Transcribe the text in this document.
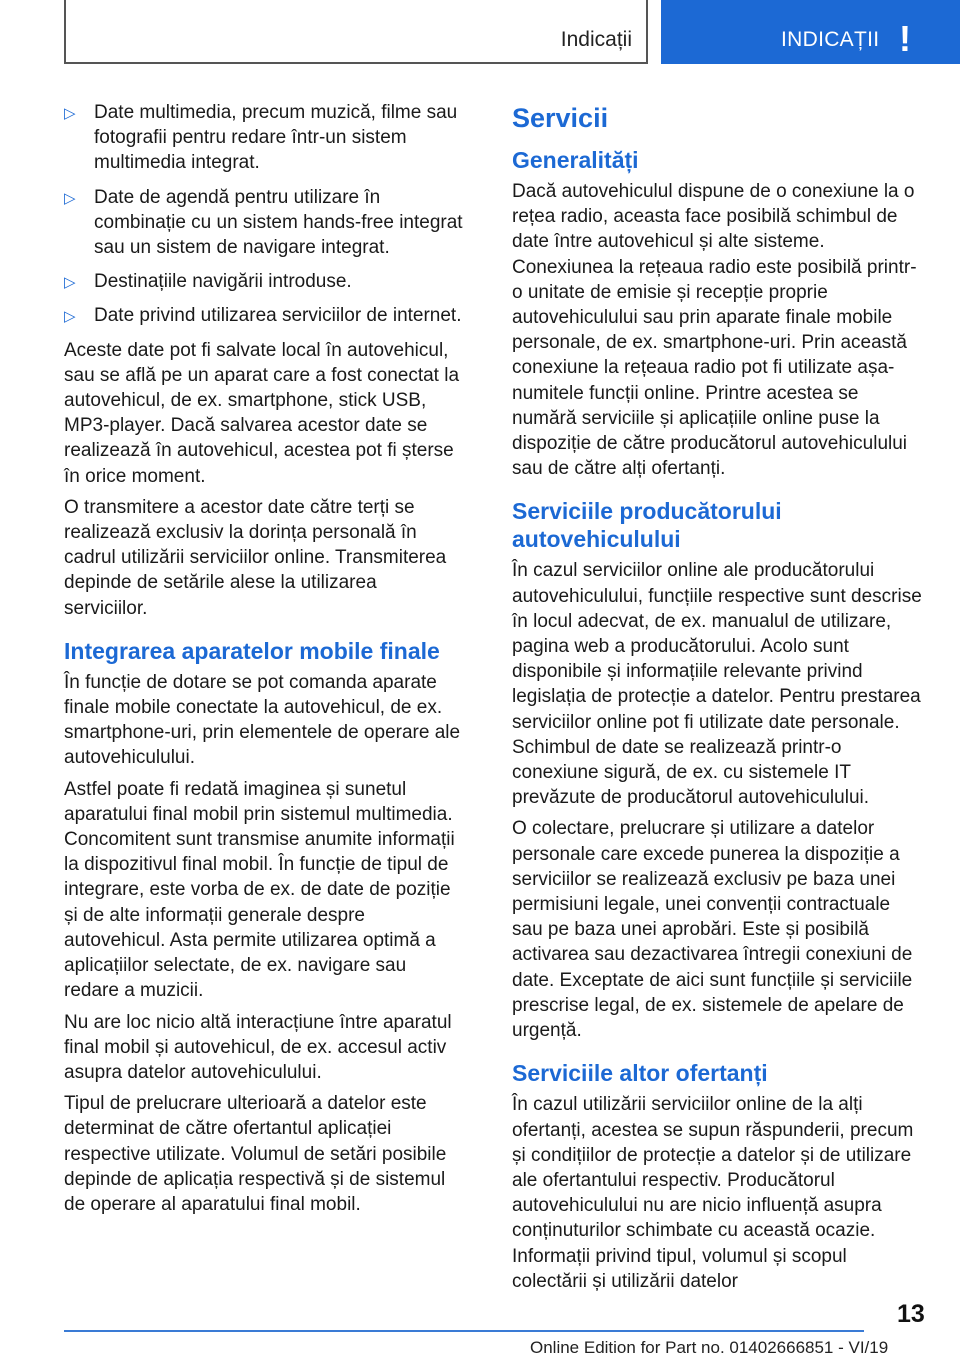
Indicații	INDICAȚII !
▷ Date multimedia, precum muzică, filme sau fotografii pentru redare într-un sistem multimedia integrat.
▷ Date de agendă pentru utilizare în combinație cu un sistem hands-free integrat sau un sistem de navigare integrat.
▷ Destinațiile navigării introduse.
▷ Date privind utilizarea serviciilor de internet.

Aceste date pot fi salvate local în autovehicul, sau se află pe un aparat care a fost conectat la autovehicul, de ex. smartphone, stick USB, MP3-player. Dacă salvarea acestor date se realizează în autovehicul, acestea pot fi șterse în orice moment.

O transmitere a acestor date către terți se realizează exclusiv la dorința personală în cadrul utilizării serviciilor online. Transmiterea depinde de setările alese la utilizarea serviciilor.

Integrarea aparatelor mobile finale

În funcție de dotare se pot comanda aparate finale mobile conectate la autovehicul, de ex. smartphone-uri, prin elementele de operare ale autovehiculului.

Astfel poate fi redată imaginea și sunetul aparatului final mobil prin sistemul multimedia. Concomitent sunt transmise anumite informații la dispozitivul final mobil. În funcție de tipul de integrare, este vorba de ex. de date de poziție și de alte informații generale despre autovehicul. Asta permite utilizarea optimă a aplicațiilor selectate, de ex. navigare sau redare a muzicii.

Nu are loc nicio altă interacțiune între aparatul final mobil și autovehicul, de ex. accesul activ asupra datelor autovehiculului.

Tipul de prelucrare ulterioară a datelor este determinat de către ofertantul aplicației respective utilizate. Volumul de setări posibile depinde de aplicația respectivă și de sistemul de operare al aparatului final mobil.

Servicii
Generalități

Dacă autovehiculul dispune de o conexiune la o rețea radio, aceasta face posibilă schimbul de date între autovehicul și alte sisteme. Conexiunea la rețeaua radio este posibilă printr-o unitate de emisie și recepție proprie autovehiculului sau prin aparate finale mobile personale, de ex. smartphone-uri. Prin această conexiune la rețeaua radio pot fi utilizate așa-numitele funcții online. Printre acestea se numără serviciile și aplicațiile online puse la dispoziție de către producătorul autovehiculului sau de către alți ofertanți.

Serviciile producătorului autovehiculului

În cazul serviciilor online ale producătorului autovehiculului, funcțiile respective sunt descrise în locul adecvat, de ex. manualul de utilizare, pagina web a producătorului. Acolo sunt disponibile și informațiile relevante privind legislația de protecție a datelor. Pentru prestarea serviciilor online pot fi utilizate date personale. Schimbul de date se realizează printr-o conexiune sigură, de ex. cu sistemele IT prevăzute de producătorul autovehiculului.

O colectare, prelucrare și utilizare a datelor personale care excede punerea la dispoziție a serviciilor se realizează exclusiv pe baza unei permisiuni legale, unei convenții contractuale sau pe baza unei aprobări. Este și posibilă activarea sau dezactivarea întregii conexiuni de date. Exceptate de aici sunt funcțiile și serviciile prescrise legal, de ex. sistemele de apelare de urgență.

Serviciile altor ofertanți

În cazul utilizării serviciilor online de la alți ofertanți, acestea se supun răspunderii, precum și condițiilor de protecție a datelor și de utilizare ale ofertantului respectiv. Producătorul autovehiculului nu are nicio influență asupra conținuturilor schimbate cu această ocazie. Informații privind tipul, volumul și scopul colectării și utilizării datelor

13
Online Edition for Part no. 01402666851 - VI/19
